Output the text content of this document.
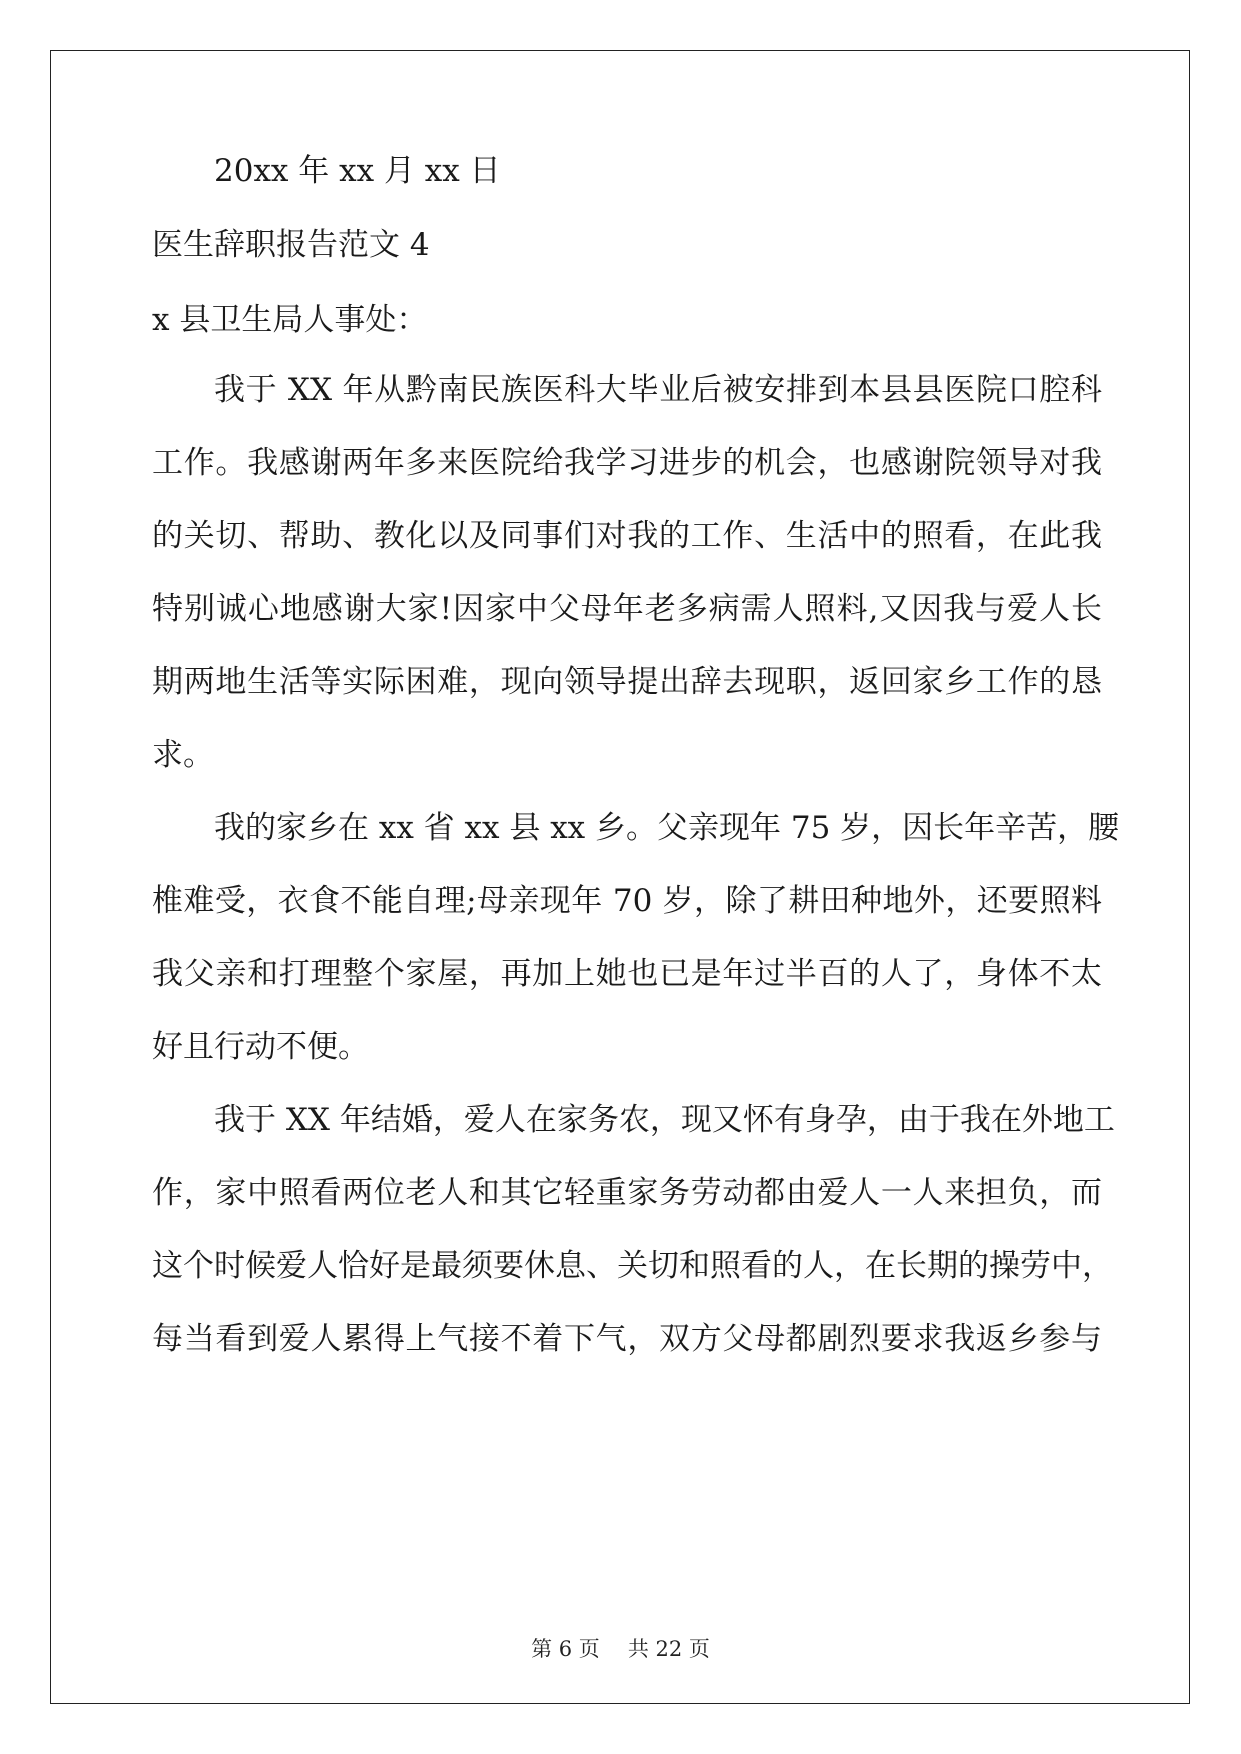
20xx 年 xx 月 xx 日
医生辞职报告范文 4
x 县卫生局人事处：
我于 XX 年从黔南民族医科大毕业后被安排到本县县医院口腔科
工作。我感谢两年多来医院给我学习进步的机会，也感谢院领导对我
的关切、帮助、教化以及同事们对我的工作、生活中的照看，在此我
特别诚心地感谢大家!因家中父母年老多病需人照料,又因我与爱人长
期两地生活等实际困难，现向领导提出辞去现职，返回家乡工作的恳
求。
我的家乡在 xx 省 xx 县 xx 乡。父亲现年 75 岁，因长年辛苦，腰
椎难受，衣食不能自理;母亲现年 70 岁，除了耕田种地外，还要照料
我父亲和打理整个家屋，再加上她也已是年过半百的人了，身体不太
好且行动不便。
我于 XX 年结婚，爱人在家务农，现又怀有身孕，由于我在外地工
作，家中照看两位老人和其它轻重家务劳动都由爱人一人来担负，而
这个时候爱人恰好是最须要休息、关切和照看的人，在长期的操劳中，
每当看到爱人累得上气接不着下气，双方父母都剧烈要求我返乡参与
第 6 页 共 22 页
